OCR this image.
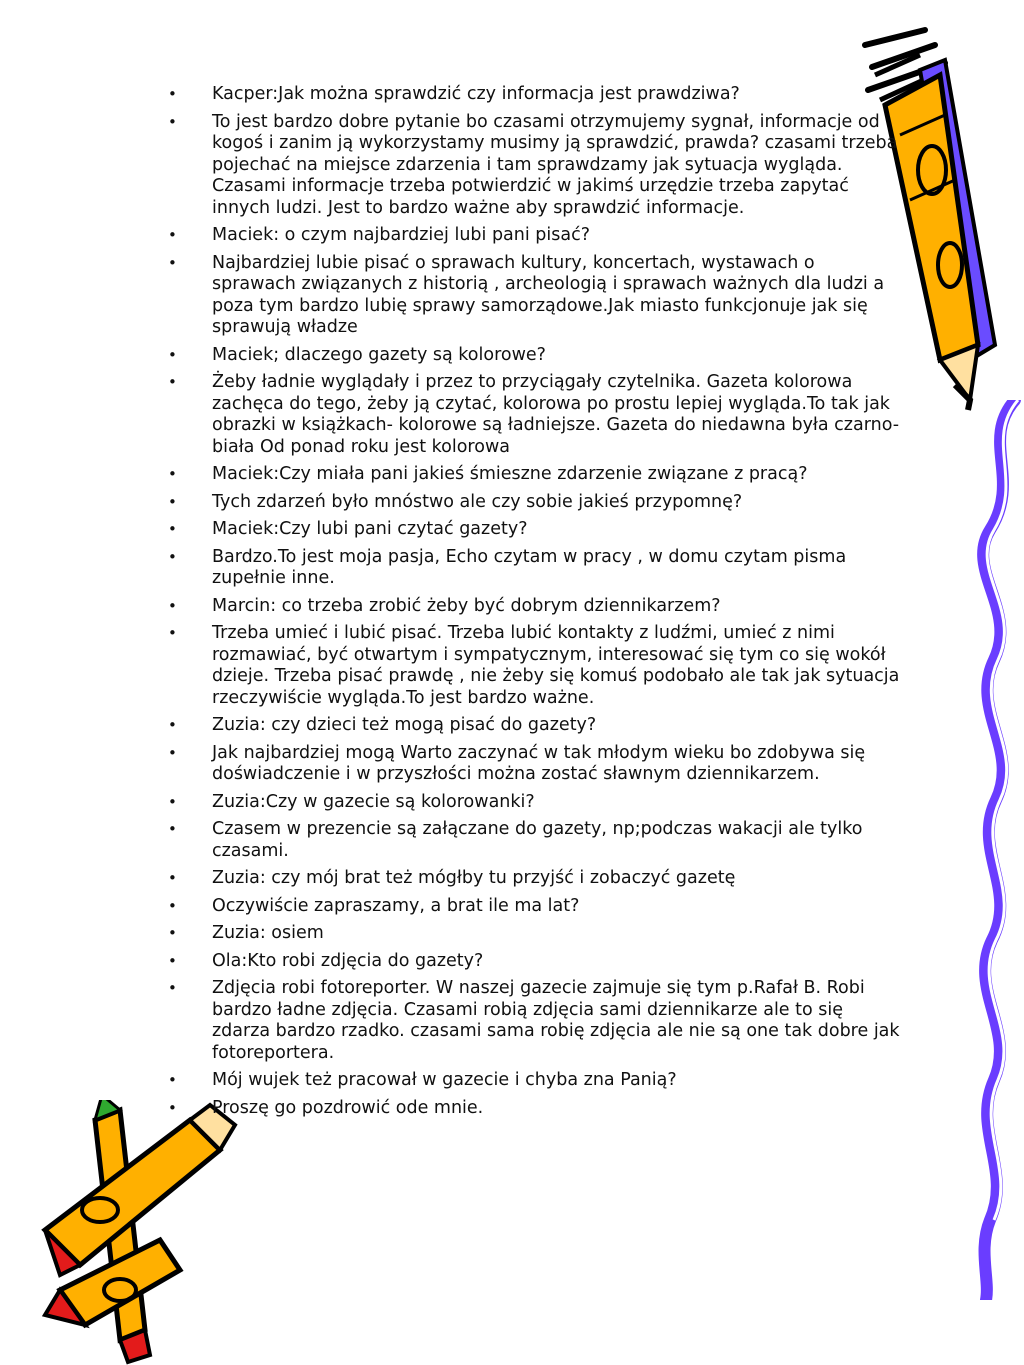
• Kacper:Jak można sprawdzić czy informacja jest prawdziwa?
• To jest bardzo dobre pytanie bo czasami otrzymujemy sygnał, informacje od kogoś i zanim ją wykorzystamy musimy ją sprawdzić, prawda? czasami trzeba pojechać na miejsce zdarzenia i tam sprawdzamy jak sytuacja wygląda. Czasami informacje trzeba potwierdzić w jakimś urzędzie trzeba zapytać innych ludzi. Jest to bardzo ważne aby sprawdzić informacje.
• Maciek: o czym najbardziej lubi pani pisać?
• Najbardziej lubie pisać o sprawach kultury, koncertach, wystawach o sprawach związanych z historią , archeologią i sprawach ważnych dla ludzi a poza tym bardzo lubię sprawy samorządowe.Jak miasto funkcjonuje jak się sprawują władze
• Maciek; dlaczego gazety są kolorowe?
• Żeby ładnie wyglądały i przez to przyciągały czytelnika. Gazeta kolorowa zachęca do tego, żeby ją czytać, kolorowa po prostu lepiej wygląda.To tak jak obrazki w książkach- kolorowe są ładniejsze. Gazeta do niedawna była czarno-biała Od ponad roku jest kolorowa
• Maciek:Czy miała pani jakieś śmieszne zdarzenie związane z pracą?
• Tych zdarzeń było mnóstwo ale czy sobie jakieś przypomnę?
• Maciek:Czy lubi pani czytać gazety?
• Bardzo.To jest moja pasja, Echo czytam w pracy , w domu czytam pisma zupełnie inne.
• Marcin: co trzeba zrobić żeby być dobrym dziennikarzem?
• Trzeba umieć i lubić pisać. Trzeba lubić kontakty z ludźmi, umieć z nimi rozmawiać, być otwartym i sympatycznym, interesować się tym co się wokół dzieje. Trzeba pisać prawdę , nie żeby się komuś podobało ale tak jak sytuacja rzeczywiście wygląda.To jest bardzo ważne.
• Zuzia: czy dzieci też mogą pisać do gazety?
• Jak najbardziej mogą Warto zaczynać w tak młodym wieku bo zdobywa się doświadczenie i w przyszłości można zostać sławnym dziennikarzem.
• Zuzia:Czy w gazecie są kolorowanki?
• Czasem w prezencie są załączane do gazety, np;podczas wakacji ale tylko czasami.
• Zuzia: czy mój brat też mógłby tu przyjść i zobaczyć gazetę
• Oczywiście zapraszamy, a brat ile ma lat?
• Zuzia: osiem
• Ola:Kto robi zdjęcia do gazety?
• Zdjęcia robi fotoreporter. W naszej gazecie zajmuje się tym p.Rafał B. Robi bardzo ładne zdjęcia. Czasami robią zdjęcia sami dziennikarze ale to się zdarza bardzo rzadko. czasami sama robię zdjęcia ale nie są one tak dobre jak fotoreportera.
• Mój wujek też pracował w gazecie i chyba zna Panią?
• Proszę go pozdrowić ode mnie.
